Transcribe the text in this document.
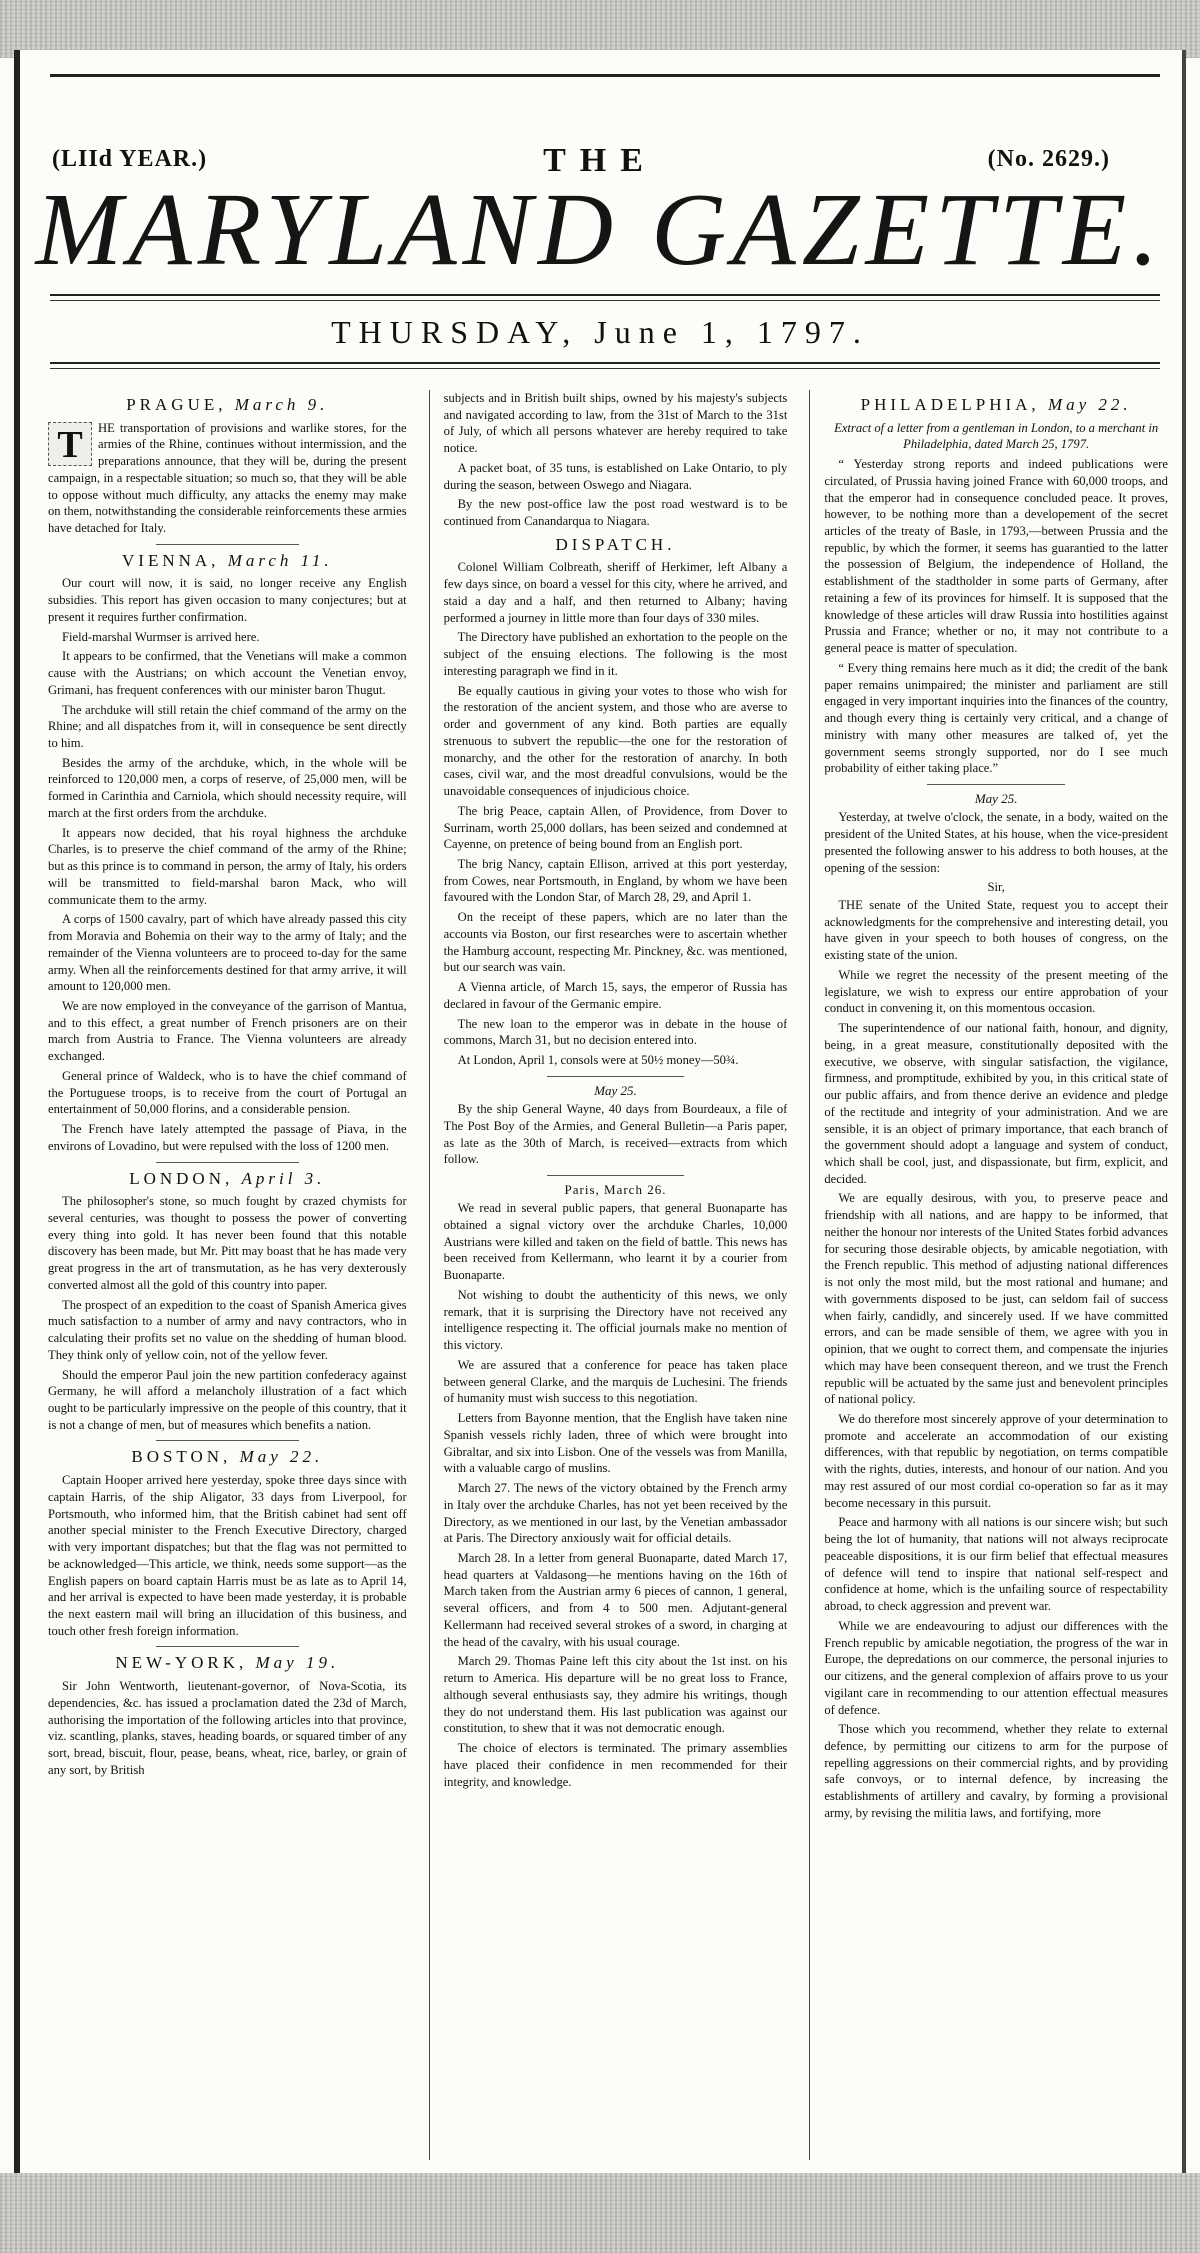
(LIId YEAR.)	THE	(No. 2629.)
MARYLAND GAZETTE.
THURSDAY, June 1, 1797.
PRAGUE, March 9.
T	HE transportation of provisions and warlike stores, for the armies of the Rhine, continues without intermission, and the preparations announce, that they will be, during the present campaign, in a respectable situation; so much so, that they will be able to oppose without much difficulty, any attacks the enemy may make on them, notwithstanding the considerable reinforcements these armies have detached for Italy.
VIENNA, March 11.

Our court will now, it is said, no longer receive any English subsidies. This report has given occasion to many conjectures; but at present it requires further confirmation.

Field-marshal Wurmser is arrived here.

It appears to be confirmed, that the Venetians will make a common cause with the Austrians; on which account the Venetian envoy, Grimani, has frequent conferences with our minister baron Thugut.

The archduke will still retain the chief command of the army on the Rhine; and all dispatches from it, will in consequence be sent directly to him.

Besides the army of the archduke, which, in the whole will be reinforced to 120,000 men, a corps of reserve, of 25,000 men, will be formed in Carinthia and Carniola, which should necessity require, will march at the first orders from the archduke.

It appears now decided, that his royal highness the archduke Charles, is to preserve the chief command of the army of the Rhine; but as this prince is to command in person, the army of Italy, his orders will be transmitted to field-marshal baron Mack, who will communicate them to the army.

A corps of 1500 cavalry, part of which have already passed this city from Moravia and Bohemia on their way to the army of Italy; and the remainder of the Vienna volunteers are to proceed to-day for the same army. When all the reinforcements destined for that army arrive, it will amount to 120,000 men.

We are now employed in the conveyance of the garrison of Mantua, and to this effect, a great number of French prisoners are on their march from Austria to France. The Vienna volunteers are already exchanged.

General prince of Waldeck, who is to have the chief command of the Portuguese troops, is to receive from the court of Portugal an entertainment of 50,000 florins, and a considerable pension.

The French have lately attempted the passage of Piava, in the environs of Lovadino, but were repulsed with the loss of 1200 men.

LONDON, April 3.

The philosopher's stone, so much fought by crazed chymists for several centuries, was thought to possess the power of converting every thing into gold. It has never been found that this notable discovery has been made, but Mr. Pitt may boast that he has made very great progress in the art of transmutation, as he has very dexterously converted almost all the gold of this country into paper.

The prospect of an expedition to the coast of Spanish America gives much satisfaction to a number of army and navy contractors, who in calculating their profits set no value on the shedding of human blood. They think only of yellow coin, not of the yellow fever.

Should the emperor Paul join the new partition confederacy against Germany, he will afford a melancholy illustration of a fact which ought to be particularly impressive on the people of this country, that it is not a change of men, but of measures which benefits a nation.

BOSTON, May 22.

Captain Hooper arrived here yesterday, spoke three days since with captain Harris, of the ship Aligator, 33 days from Liverpool, for Portsmouth, who informed him, that the British cabinet had sent off another special minister to the French Executive Directory, charged with very important dispatches; but that the flag was not permitted to be acknowledged—This article, we think, needs some support—as the English papers on board captain Harris must be as late as to April 14, and her arrival is expected to have been made yesterday, it is probable the next eastern mail will bring an illucidation of this business, and touch other fresh foreign information.

NEW-YORK, May 19.

Sir John Wentworth, lieutenant-governor, of Nova-Scotia, its dependencies, &c. has issued a proclamation dated the 23d of March, authorising the importation of the following articles into that province, viz. scantling, planks, staves, heading boards, or squared timber of any sort, bread, biscuit, flour, pease, beans, wheat, rice, barley, or grain of any sort, by British

subjects and in British built ships, owned by his majesty's subjects and navigated according to law, from the 31st of March to the 31st of July, of which all persons whatever are hereby required to take notice.

A packet boat, of 35 tuns, is established on Lake Ontario, to ply during the season, between Oswego and Niagara.

By the new post-office law the post road westward is to be continued from Canandarqua to Niagara.

DISPATCH.

Colonel William Colbreath, sheriff of Herkimer, left Albany a few days since, on board a vessel for this city, where he arrived, and staid a day and a half, and then returned to Albany; having performed a journey in little more than four days of 330 miles.

The Directory have published an exhortation to the people on the subject of the ensuing elections. The following is the most interesting paragraph we find in it.

Be equally cautious in giving your votes to those who wish for the restoration of the ancient system, and those who are averse to order and government of any kind. Both parties are equally strenuous to subvert the republic—the one for the restoration of monarchy, and the other for the restoration of anarchy. In both cases, civil war, and the most dreadful convulsions, would be the unavoidable consequences of injudicious choice.

The brig Peace, captain Allen, of Providence, from Dover to Surrinam, worth 25,000 dollars, has been seized and condemned at Cayenne, on pretence of being bound from an English port.

The brig Nancy, captain Ellison, arrived at this port yesterday, from Cowes, near Portsmouth, in England, by whom we have been favoured with the London Star, of March 28, 29, and April 1.

On the receipt of these papers, which are no later than the accounts via Boston, our first researches were to ascertain whether the Hamburg account, respecting Mr. Pinckney, &c. was mentioned, but our search was vain.

A Vienna article, of March 15, says, the emperor of Russia has declared in favour of the Germanic empire.

The new loan to the emperor was in debate in the house of commons, March 31, but no decision entered into.

At London, April 1, consols were at 50½ money—50¾.

May 25.

By the ship General Wayne, 40 days from Bourdeaux, a file of The Post Boy of the Armies, and General Bulletin—a Paris paper, as late as the 30th of March, is received—extracts from which follow.

Paris, March 26.

We read in several public papers, that general Buonaparte has obtained a signal victory over the archduke Charles, 10,000 Austrians were killed and taken on the field of battle. This news has been received from Kellermann, who learnt it by a courier from Buonaparte.

Not wishing to doubt the authenticity of this news, we only remark, that it is surprising the Directory have not received any intelligence respecting it. The official journals make no mention of this victory.

We are assured that a conference for peace has taken place between general Clarke, and the marquis de Luchesini. The friends of humanity must wish success to this negotiation.

Letters from Bayonne mention, that the English have taken nine Spanish vessels richly laden, three of which were brought into Gibraltar, and six into Lisbon. One of the vessels was from Manilla, with a valuable cargo of muslins.

March 27. The news of the victory obtained by the French army in Italy over the archduke Charles, has not yet been received by the Directory, as we mentioned in our last, by the Venetian ambassador at Paris. The Directory anxiously wait for official details.

March 28. In a letter from general Buonaparte, dated March 17, head quarters at Valdasong—he mentions having on the 16th of March taken from the Austrian army 6 pieces of cannon, 1 general, several officers, and from 4 to 500 men. Adjutant-general Kellermann had received several strokes of a sword, in charging at the head of the cavalry, with his usual courage.

March 29. Thomas Paine left this city about the 1st inst. on his return to America. His departure will be no great loss to France, although several enthusiasts say, they admire his writings, though they do not understand them. His last publication was against our constitution, to shew that it was not democratic enough.

The choice of electors is terminated. The primary assemblies have placed their confidence in men recommended for their integrity, and knowledge.

PHILADELPHIA, May 22.

Extract of a letter from a gentleman in London, to a merchant in Philadelphia, dated March 25, 1797.

“ Yesterday strong reports and indeed publications were circulated, of Prussia having joined France with 60,000 troops, and that the emperor had in consequence concluded peace. It proves, however, to be nothing more than a developement of the secret articles of the treaty of Basle, in 1793,—between Prussia and the republic, by which the former, it seems has guarantied to the latter the possession of Belgium, the independence of Holland, the establishment of the stadtholder in some parts of Germany, after retaining a few of its provinces for himself. It is supposed that the knowledge of these articles will draw Russia into hostilities against Prussia and France; whether or no, it may not contribute to a general peace is matter of speculation.

“ Every thing remains here much as it did; the credit of the bank paper remains unimpaired; the minister and parliament are still engaged in very important inquiries into the finances of the country, and though every thing is certainly very critical, and a change of ministry with many other measures are talked of, yet the government seems strongly supported, nor do I see much probability of either taking place.”

May 25.

Yesterday, at twelve o'clock, the senate, in a body, waited on the president of the United States, at his house, when the vice-president presented the following answer to his address to both houses, at the opening of the session:

Sir,

THE senate of the United State, request you to accept their acknowledgments for the comprehensive and interesting detail, you have given in your speech to both houses of congress, on the existing state of the union.

While we regret the necessity of the present meeting of the legislature, we wish to express our entire approbation of your conduct in convening it, on this momentous occasion.

The superintendence of our national faith, honour, and dignity, being, in a great measure, constitutionally deposited with the executive, we observe, with singular satisfaction, the vigilance, firmness, and promptitude, exhibited by you, in this critical state of our public affairs, and from thence derive an evidence and pledge of the rectitude and integrity of your administration. And we are sensible, it is an object of primary importance, that each branch of the government should adopt a language and system of conduct, which shall be cool, just, and dispassionate, but firm, explicit, and decided.

We are equally desirous, with you, to preserve peace and friendship with all nations, and are happy to be informed, that neither the honour nor interests of the United States forbid advances for securing those desirable objects, by amicable negotiation, with the French republic. This method of adjusting national differences is not only the most mild, but the most rational and humane; and with governments disposed to be just, can seldom fail of success when fairly, candidly, and sincerely used. If we have committed errors, and can be made sensible of them, we agree with you in opinion, that we ought to correct them, and compensate the injuries which may have been consequent thereon, and we trust the French republic will be actuated by the same just and benevolent principles of national policy.

We do therefore most sincerely approve of your determination to promote and accelerate an accommodation of our existing differences, with that republic by negotiation, on terms compatible with the rights, duties, interests, and honour of our nation. And you may rest assured of our most cordial co-operation so far as it may become necessary in this pursuit.

Peace and harmony with all nations is our sincere wish; but such being the lot of humanity, that nations will not always reciprocate peaceable dispositions, it is our firm belief that effectual measures of defence will tend to inspire that national self-respect and confidence at home, which is the unfailing source of respectability abroad, to check aggression and prevent war.

While we are endeavouring to adjust our differences with the French republic by amicable negotiation, the progress of the war in Europe, the depredations on our commerce, the personal injuries to our citizens, and the general complexion of affairs prove to us your vigilant care in recommending to our attention effectual measures of defence.

Those which you recommend, whether they relate to external defence, by permitting our citizens to arm for the purpose of repelling aggressions on their commercial rights, and by providing safe convoys, or to internal defence, by increasing the establishments of artillery and cavalry, by forming a provisional army, by revising the militia laws, and fortifying, more
